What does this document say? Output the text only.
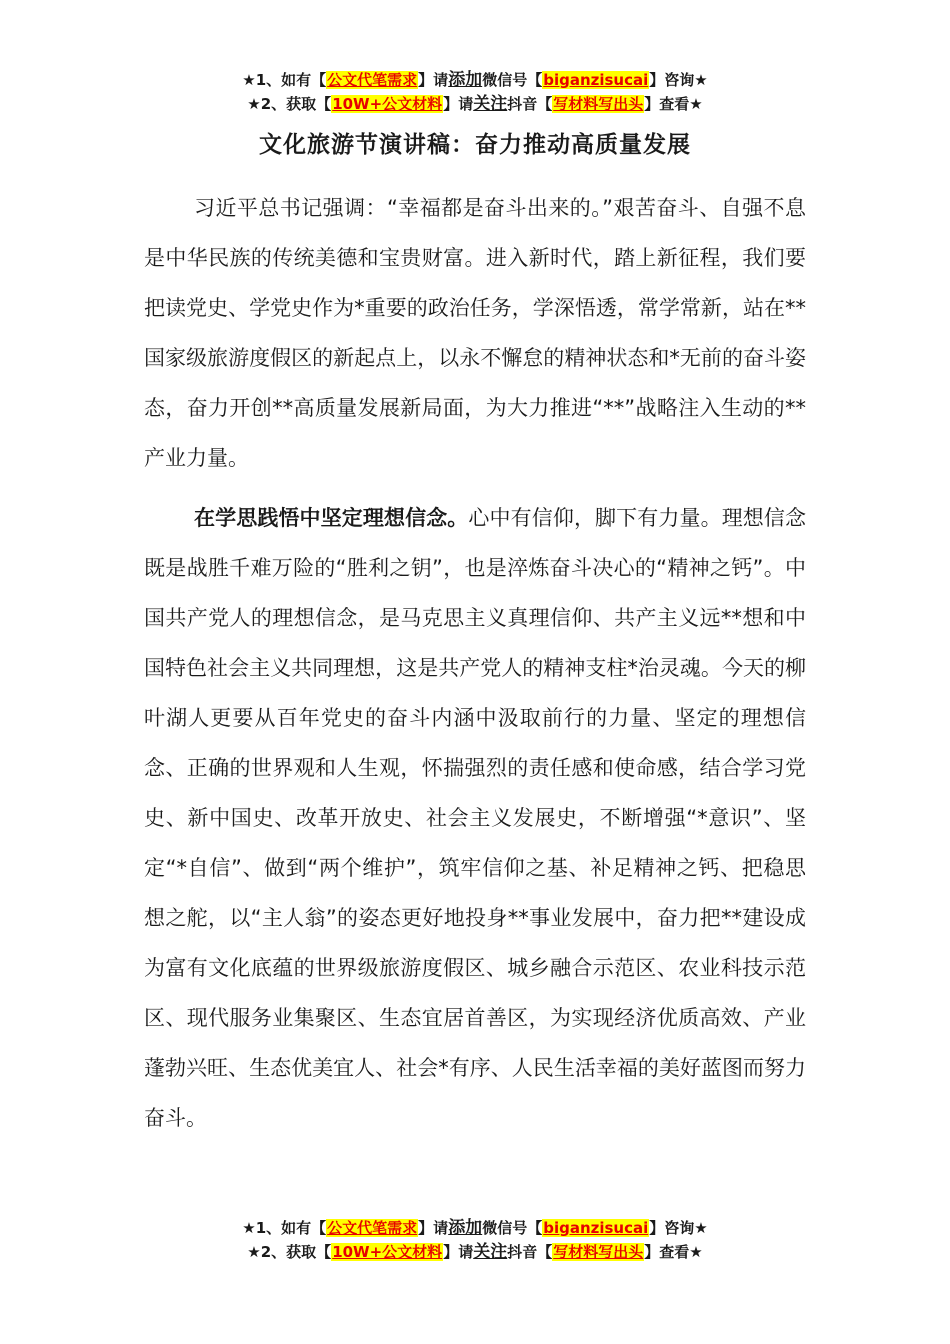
★1、如有【公文代笔需求】请添加微信号【biganzisucai】咨询★
★2、获取【10W+公文材料】请关注抖音【写材料写出头】查看★
文化旅游节演讲稿：奋力推动高质量发展

习近平总书记强调：“幸福都是奋斗出来的。”艰苦奋斗、自强不息是中华民族的传统美德和宝贵财富。进入新时代，踏上新征程，我们要把读党史、学党史作为*重要的政治任务，学深悟透，常学常新，站在**国家级旅游度假区的新起点上，以永不懈怠的精神状态和*无前的奋斗姿态，奋力开创**高质量发展新局面，为大力推进“**”战略注入生动的**产业力量。

在学思践悟中坚定理想信念。心中有信仰，脚下有力量。理想信念既是战胜千难万险的“胜利之钥”，也是淬炼奋斗决心的“精神之钙”。中国共产党人的理想信念，是马克思主义真理信仰、共产主义远**想和中国特色社会主义共同理想，这是共产党人的精神支柱*治灵魂。今天的柳叶湖人更要从百年党史的奋斗内涵中汲取前行的力量、坚定的理想信念、正确的世界观和人生观，怀揣强烈的责任感和使命感，结合学习党史、新中国史、改革开放史、社会主义发展史，不断增强“*意识”、坚定“*自信”、做到“两个维护”，筑牢信仰之基、补足精神之钙、把稳思想之舵，以“主人翁”的姿态更好地投身**事业发展中，奋力把**建设成为富有文化底蕴的世界级旅游度假区、城乡融合示范区、农业科技示范区、现代服务业集聚区、生态宜居首善区，为实现经济优质高效、产业蓬勃兴旺、生态优美宜人、社会*有序、人民生活幸福的美好蓝图而努力奋斗。

★1、如有【公文代笔需求】请添加微信号【biganzisucai】咨询★
★2、获取【10W+公文材料】请关注抖音【写材料写出头】查看★
